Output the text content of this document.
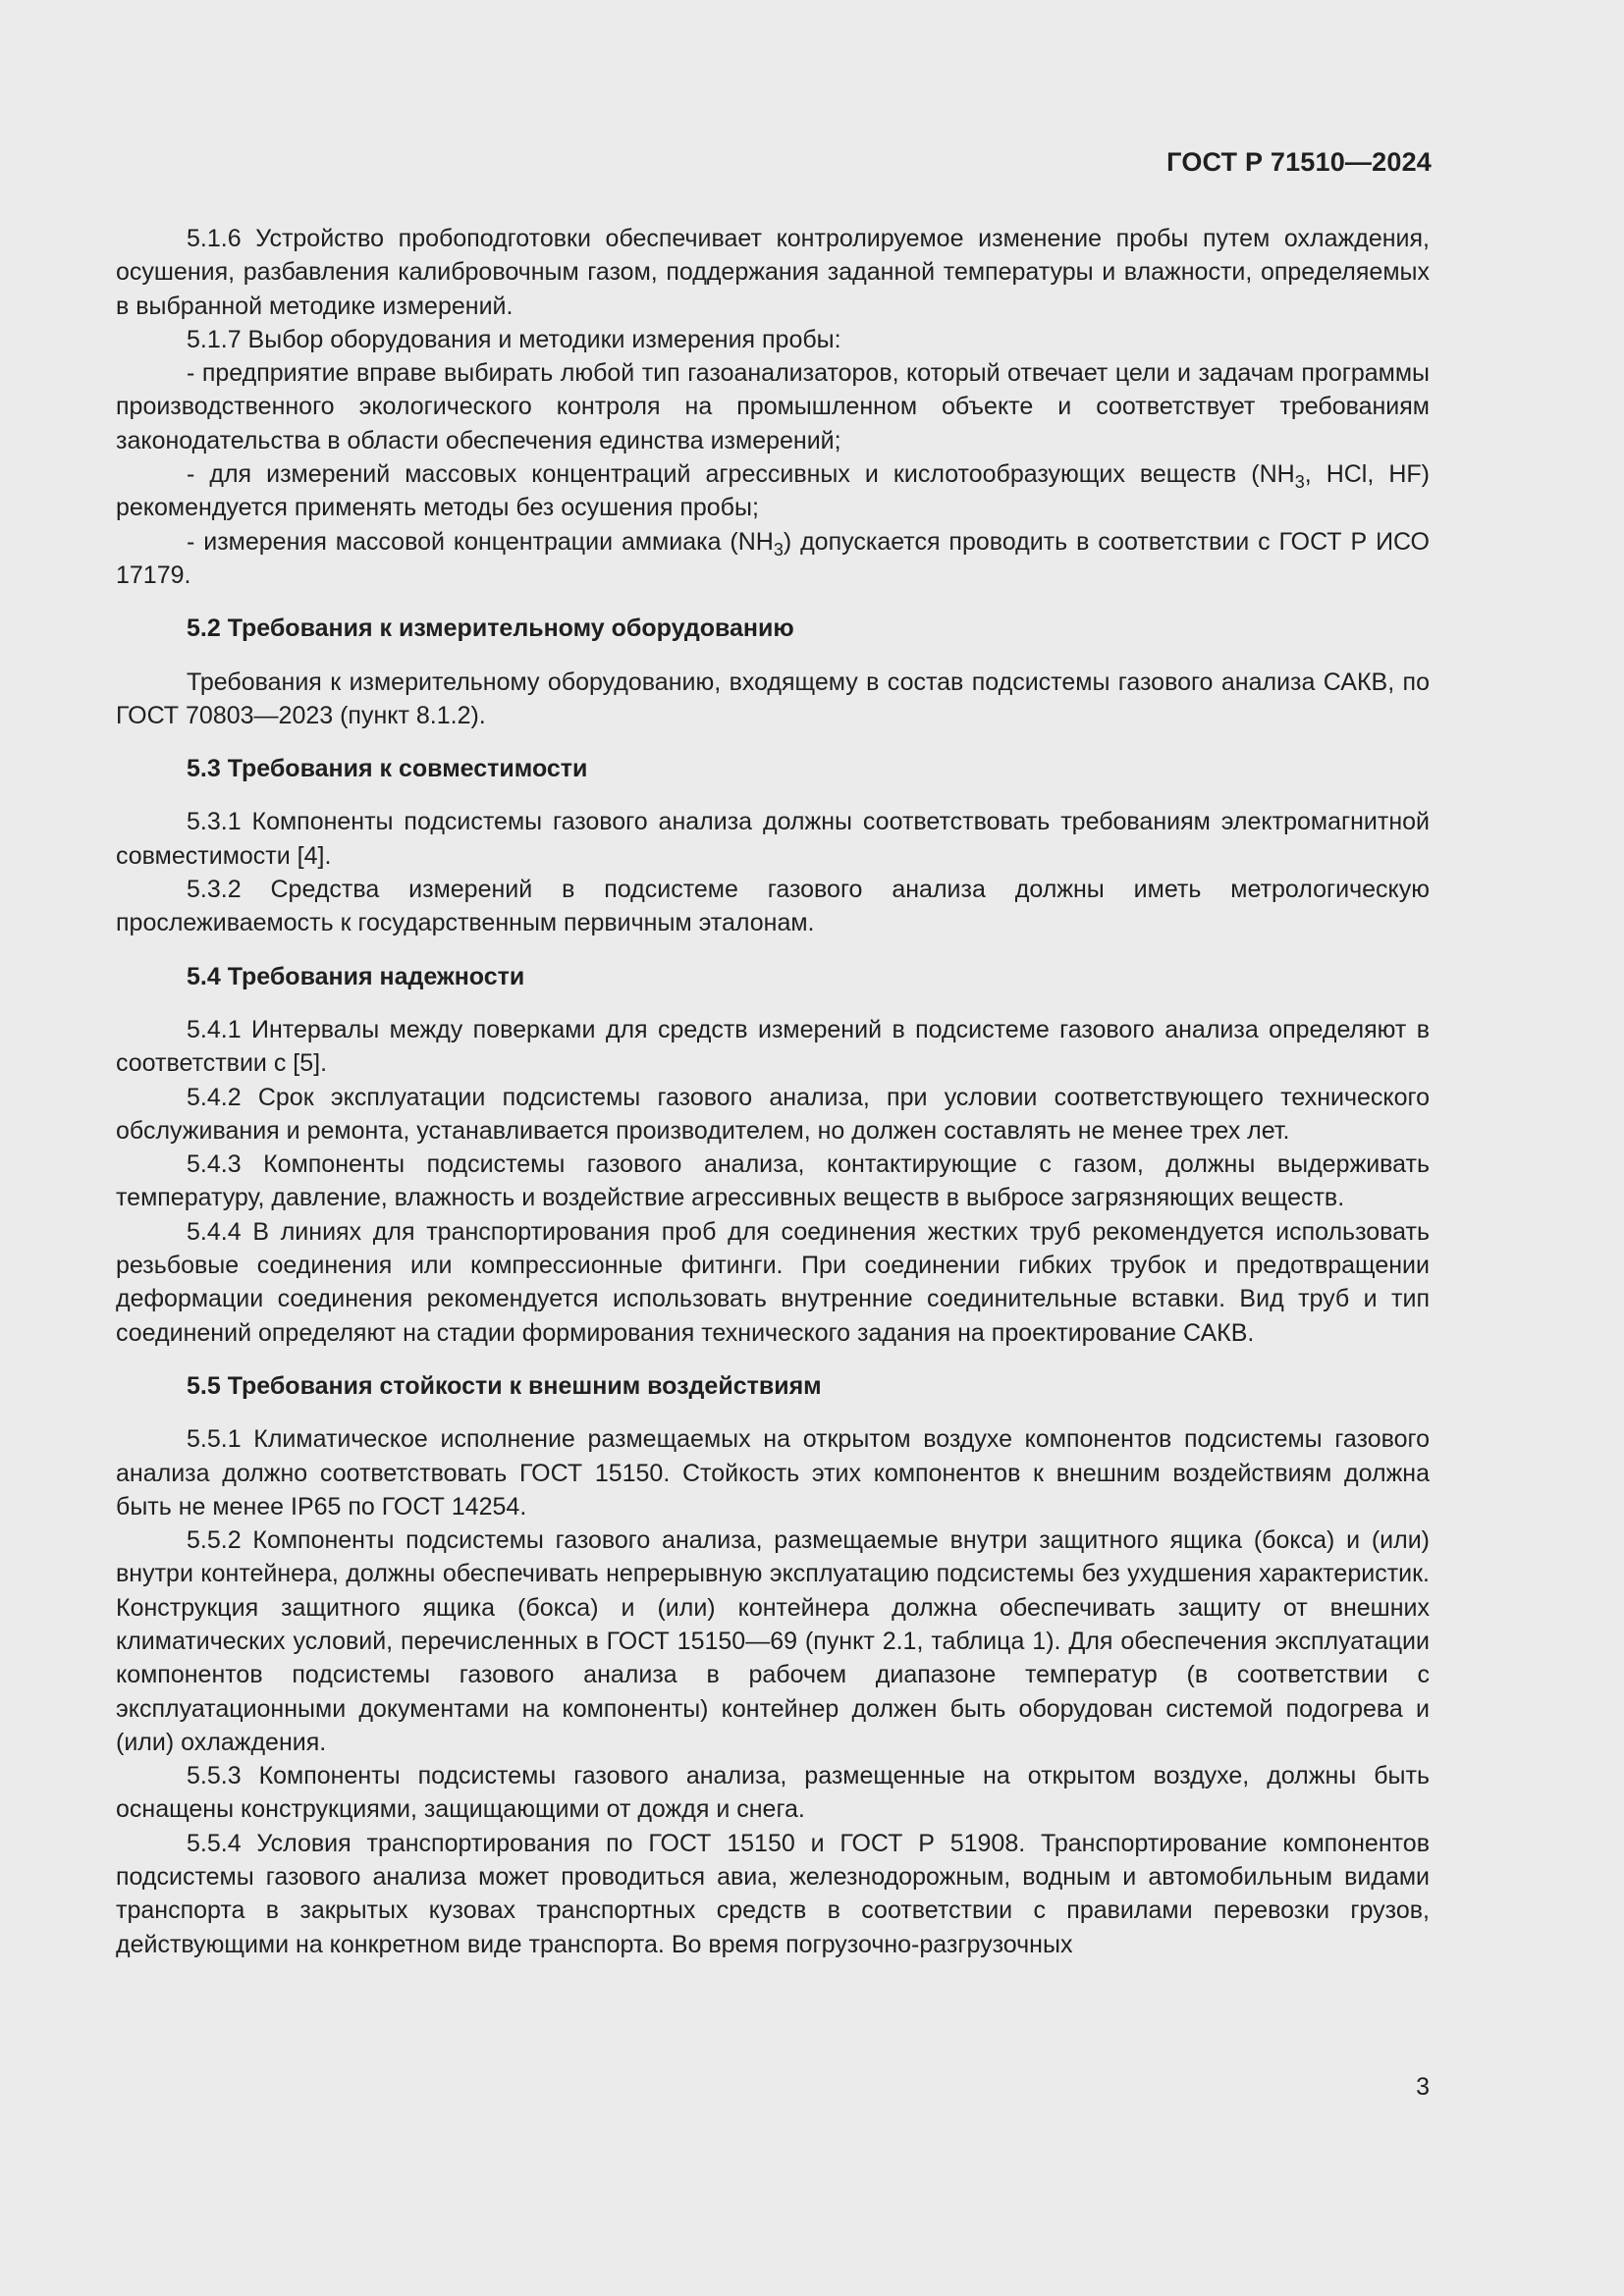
ГОСТ Р 71510—2024

5.1.6 Устройство пробоподготовки обеспечивает контролируемое изменение пробы путем охлаждения, осушения, разбавления калибровочным газом, поддержания заданной температуры и влажности, определяемых в выбранной методике измерений.

5.1.7 Выбор оборудования и методики измерения пробы:

- предприятие вправе выбирать любой тип газоанализаторов, который отвечает цели и задачам программы производственного экологического контроля на промышленном объекте и соответствует требованиям законодательства в области обеспечения единства измерений;

- для измерений массовых концентраций агрессивных и кислотообразующих веществ ($NH_3$, HCl, HF) рекомендуется применять методы без осушения пробы;

- измерения массовой концентрации аммиака $(NH_3)$ допускается проводить в соответствии с ГОСТ Р ИСО 17179.

5.2 Требования к измерительному оборудованию

Требования к измерительному оборудованию, входящему в состав подсистемы газового анализа САКВ, по ГОСТ 70803—2023 (пункт 8.1.2).

5.3 Требования к совместимости

5.3.1 Компоненты подсистемы газового анализа должны соответствовать требованиям электромагнитной совместимости [4].

5.3.2 Средства измерений в подсистеме газового анализа должны иметь метрологическую прослеживаемость к государственным первичным эталонам.

5.4 Требования надежности

5.4.1 Интервалы между поверками для средств измерений в подсистеме газового анализа определяют в соответствии с [5].

5.4.2 Срок эксплуатации подсистемы газового анализа, при условии соответствующего технического обслуживания и ремонта, устанавливается производителем, но должен составлять не менее трех лет.

5.4.3 Компоненты подсистемы газового анализа, контактирующие с газом, должны выдерживать температуру, давление, влажность и воздействие агрессивных веществ в выбросе загрязняющих веществ.

5.4.4 В линиях для транспортирования проб для соединения жестких труб рекомендуется использовать резьбовые соединения или компрессионные фитинги. При соединении гибких трубок и предотвращении деформации соединения рекомендуется использовать внутренние соединительные вставки. Вид труб и тип соединений определяют на стадии формирования технического задания на проектирование САКВ.

5.5 Требования стойкости к внешним воздействиям

5.5.1 Климатическое исполнение размещаемых на открытом воздухе компонентов подсистемы газового анализа должно соответствовать ГОСТ 15150. Стойкость этих компонентов к внешним воздействиям должна быть не менее IP65 по ГОСТ 14254.

5.5.2 Компоненты подсистемы газового анализа, размещаемые внутри защитного ящика (бокса) и (или) внутри контейнера, должны обеспечивать непрерывную эксплуатацию подсистемы без ухудшения характеристик. Конструкция защитного ящика (бокса) и (или) контейнера должна обеспечивать защиту от внешних климатических условий, перечисленных в ГОСТ 15150—69 (пункт 2.1, таблица 1). Для обеспечения эксплуатации компонентов подсистемы газового анализа в рабочем диапазоне температур (в соответствии с эксплуатационными документами на компоненты) контейнер должен быть оборудован системой подогрева и (или) охлаждения.

5.5.3 Компоненты подсистемы газового анализа, размещенные на открытом воздухе, должны быть оснащены конструкциями, защищающими от дождя и снега.

5.5.4 Условия транспортирования по ГОСТ 15150 и ГОСТ Р 51908. Транспортирование компонентов подсистемы газового анализа может проводиться авиа, железнодорожным, водным и автомобильным видами транспорта в закрытых кузовах транспортных средств в соответствии с правилами перевозки грузов, действующими на конкретном виде транспорта. Во время погрузочно-разгрузочных

3
